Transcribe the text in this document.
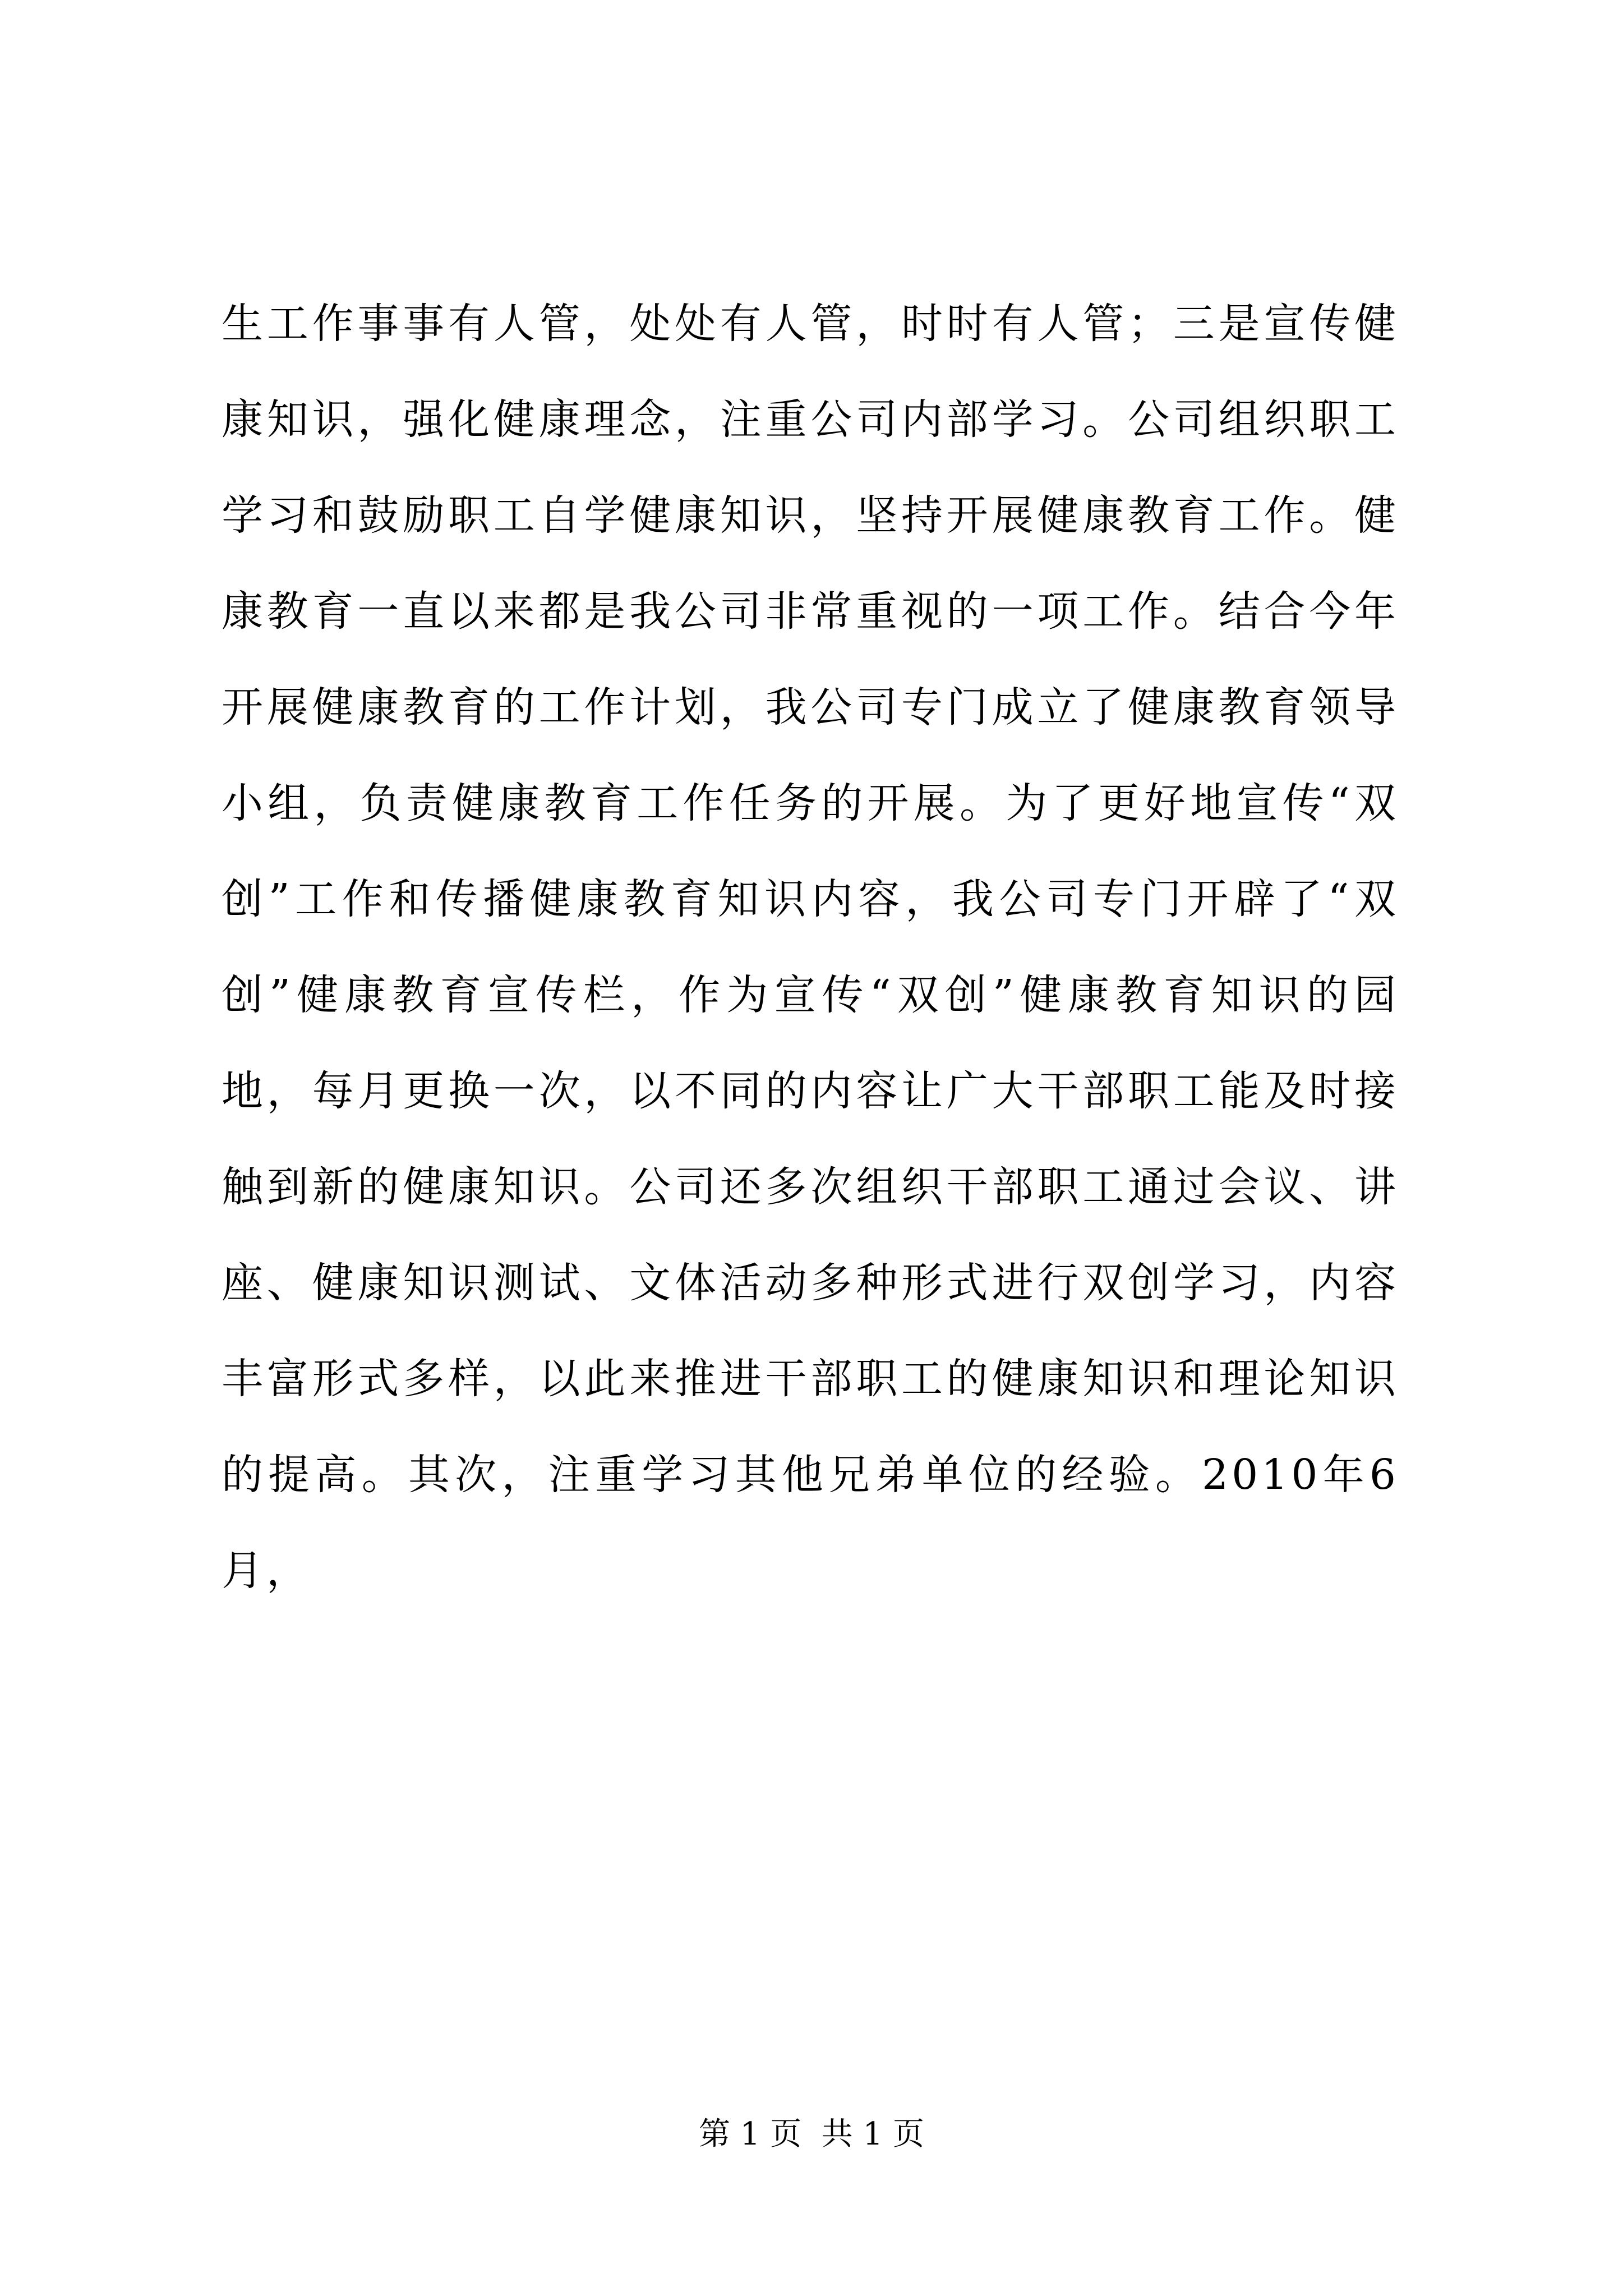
生工作事事有人管，处处有人管，时时有人管；三是宣传健康知识，强化健康理念，注重公司内部学习。公司组织职工学习和鼓励职工自学健康知识，坚持开展健康教育工作。健康教育一直以来都是我公司非常重视的一项工作。结合今年开展健康教育的工作计划，我公司专门成立了健康教育领导小组，负责健康教育工作任务的开展。为了更好地宣传“双创”工作和传播健康教育知识内容，我公司专门开辟了“双创”健康教育宣传栏，作为宣传“双创”健康教育知识的园地，每月更换一次，以不同的内容让广大干部职工能及时接触到新的健康知识。公司还多次组织干部职工通过会议、讲座、健康知识测试、文体活动多种形式进行双创学习，内容丰富形式多样，以此来推进干部职工的健康知识和理论知识的提高。其次，注重学习其他兄弟单位的经验。2010年6月，

第 1 页  共 1 页
